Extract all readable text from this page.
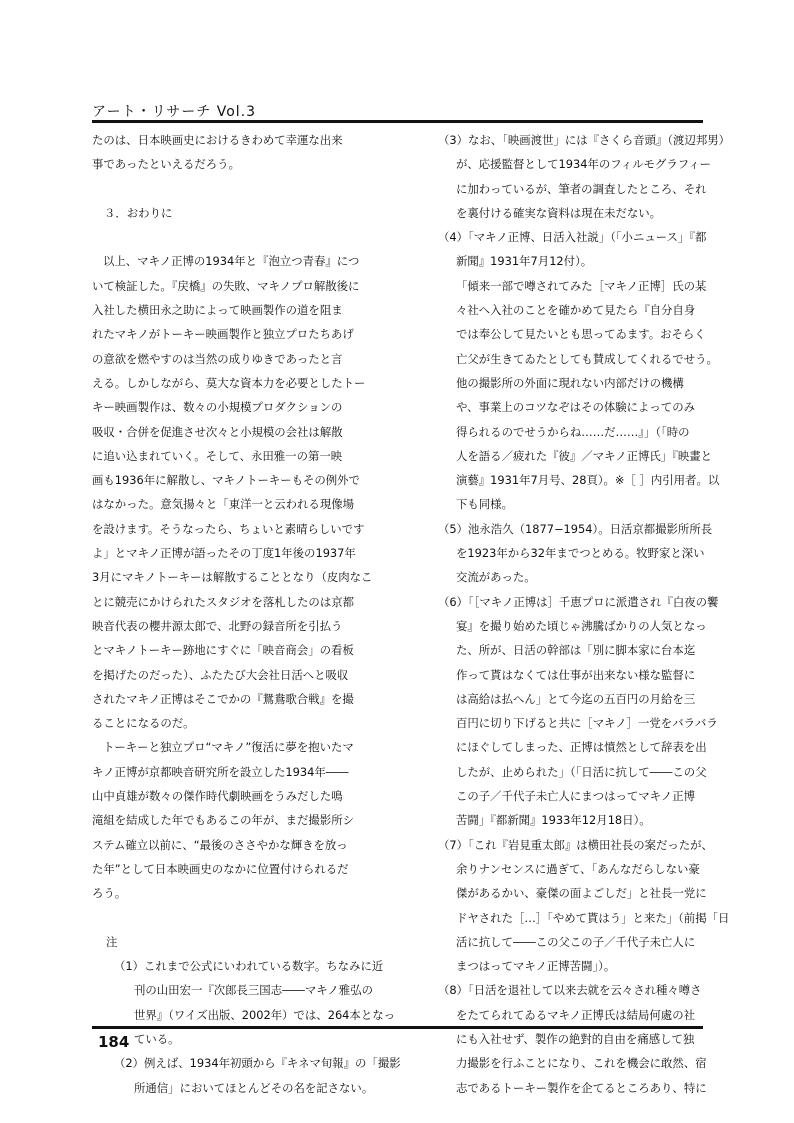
アート・リサーチ Vol.3
たのは、日本映画史におけるきわめて幸運な出来
事であったといえるだろう。
３．おわりに
以上、マキノ正博の1934年と『泡立つ青春』につ
いて検証した。『戻橋』の失敗、マキノプロ解散後に
入社した横田永之助によって映画製作の道を阻ま
れたマキノがトーキー映画製作と独立プロたちあげ
の意欲を燃やすのは当然の成りゆきであったと言
える。しかしながら、莫大な資本力を必要としたトー
キー映画製作は、数々の小規模プロダクションの
吸収・合併を促進させ次々と小規模の会社は解散
に追い込まれていく。そして、永田雅一の第一映
画も1936年に解散し、マキノトーキーもその例外で
はなかった。意気揚々と「東洋一と云われる現像場
を設けます。そうなったら、ちょいと素晴らしいです
よ」とマキノ正博が語ったその丁度1年後の1937年
3月にマキノトーキーは解散することとなり（皮肉なこ
とに競売にかけられたスタジオを落札したのは京都
映音代表の櫻井源太郎で、北野の録音所を引払う
とマキノトーキー跡地にすぐに「映音商会」の看板
を掲げたのだった）、ふたたび大会社日活へと吸収
されたマキノ正博はそこでかの『鴛鴦歌合戦』を撮
ることになるのだ。
トーキーと独立プロ“マキノ”復活に夢を抱いたマ
キノ正博が京都映音研究所を設立した1934年――
山中貞雄が数々の傑作時代劇映画をうみだした鳴
滝組を結成した年でもあるこの年が、まだ撮影所シ
ステム確立以前に、“最後のささやかな輝きを放っ
た年”として日本映画史のなかに位置付けられるだ
ろう。
注
（1）これまで公式にいわれている数字。ちなみに近
刊の山田宏一『次郎長三国志――マキノ雅弘の
世界』（ワイズ出版、2002年）では、264本となっ
ている。
（2）例えば、1934年初頭から『キネマ旬報』の「撮影
所通信」においてほとんどその名を記さない。
（3）なお、「映画渡世」には『さくら音頭』（渡辺邦男）
が、応援監督として1934年のフィルモグラフィー
に加わっているが、筆者の調査したところ、それ
を裏付ける確実な資料は現在未だない。
（4）「マキノ正博、日活入社説」（「小ニュース」『都
新聞』1931年7月12付）。
「傾来一部で噂されてみた［マキノ正博］氏の某
々社へ入社のことを確かめて見たら『自分自身
では奉公して見たいとも思ってゐます。おそらく
亡父が生きてゐたとしても賛成してくれるでせう。
他の撮影所の外面に現れない内部だけの機構
や、事業上のコツなぞはその体験によってのみ
得られるのでせうからね……だ……』」（「時の
人を語る／疲れた『彼』／マキノ正博氏」『映畫と
演藝』1931年7月号、28頁）。※［ ］内引用者。以
下も同様。
（5）池永浩久（1877−1954）。日活京都撮影所所長
を1923年から32年までつとめる。牧野家と深い
交流があった。
（6）「［マキノ正博は］千恵プロに派遣され『白夜の饗
宴』を撮り始めた頃じゃ沸騰ばかりの人気となっ
た、所が、日活の幹部は「別に脚本家に台本迄
作って貰はなくては仕事が出来ない様な監督に
は高給は払へん」とて今迄の五百円の月給を三
百円に切り下げると共に［マキノ］一党をバラバラ
にほぐしてしまった、正博は憤然として辞表を出
したが、止められた」（「日活に抗して――この父
この子／千代子未亡人にまつはってマキノ正博
苦闘」『都新聞』1933年12月18日）。
（7）「これ『岩見重太郎』は横田社長の案だったが、
余りナンセンスに過ぎて、「あんなだらしない豪
傑があるかい、豪傑の面よごしだ」と社長一党に
ドヤされた［…］「やめて貰はう」と来た」（前掲「日
活に抗して――この父この子／千代子未亡人に
まつはってマキノ正博苦闘」）。
（8）「日活を退社して以来去就を云々され種々噂さ
をたてられてゐるマキノ正博氏は結局何處の社
にも入社せず、製作の絶對的自由を痛感して独
力撮影を行ふことになり、これを機会に敢然、宿
志であるトーキー製作を企てるところあり、特に
184
